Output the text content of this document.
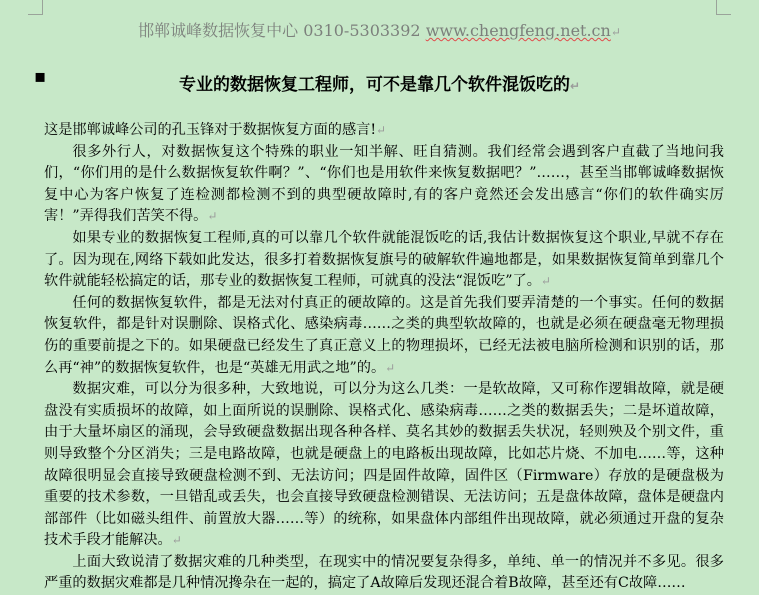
邯郸诚峰数据恢复中心 0310-5303392 www.chengfeng.net.cn↵
▪	专业的数据恢复工程师，可不是靠几个软件混饭吃的↵

这是邯郸诚峰公司的孔玉锋对于数据恢复方面的感言!↵

很多外行人，对数据恢复这个特殊的职业一知半解、旺自猜测。我们经常会遇到客户直截了当地问我们，“你们用的是什么数据恢复软件啊？”、“你们也是用软件来恢复数据吧？”……，甚至当邯郸诚峰数据恢复中心为客户恢复了连检测都检测不到的典型硬故障时,有的客户竟然还会发出感言“你们的软件确实厉害！”弄得我们苦笑不得。↵

如果专业的数据恢复工程师,真的可以靠几个软件就能混饭吃的话,我估计数据恢复这个职业,早就不存在了。因为现在,网络下载如此发达，很多打着数据恢复旗号的破解软件遍地都是，如果数据恢复简单到靠几个软件就能轻松搞定的话，那专业的数据恢复工程师，可就真的没法“混饭吃”了。↵

任何的数据恢复软件，都是无法对付真正的硬故障的。这是首先我们要弄清楚的一个事实。任何的数据恢复软件，都是针对误删除、误格式化、感染病毒……之类的典型软故障的，也就是必须在硬盘毫无物理损伤的重要前提之下的。如果硬盘已经发生了真正意义上的物理损坏，已经无法被电脑所检测和识别的话，那么再“神”的数据恢复软件，也是“英雄无用武之地”的。↵

数据灾难，可以分为很多种，大致地说，可以分为这么几类：一是软故障，又可称作逻辑故障，就是硬盘没有实质损坏的故障，如上面所说的误删除、误格式化、感染病毒……之类的数据丢失；二是坏道故障，由于大量坏扇区的涌现，会导致硬盘数据出现各种各样、莫名其妙的数据丢失状况，轻则殃及个别文件，重则导致整个分区消失；三是电路故障，也就是硬盘上的电路板出现故障，比如芯片烧、不加电……等，这种故障很明显会直接导致硬盘检测不到、无法访问；四是固件故障，固件区（Firmware）存放的是硬盘极为重要的技术参数，一旦错乱或丢失，也会直接导致硬盘检测错误、无法访问；五是盘体故障，盘体是硬盘内部部件（比如磁头组件、前置放大器……等）的统称，如果盘体内部组件出现故障，就必须通过开盘的复杂技术手段才能解决。↵

上面大致说清了数据灾难的几种类型，在现实中的情况要复杂得多，单纯、单一的情况并不多见。很多严重的数据灾难都是几种情况搀杂在一起的，搞定了A故障后发现还混合着B故障，甚至还有C故障……
